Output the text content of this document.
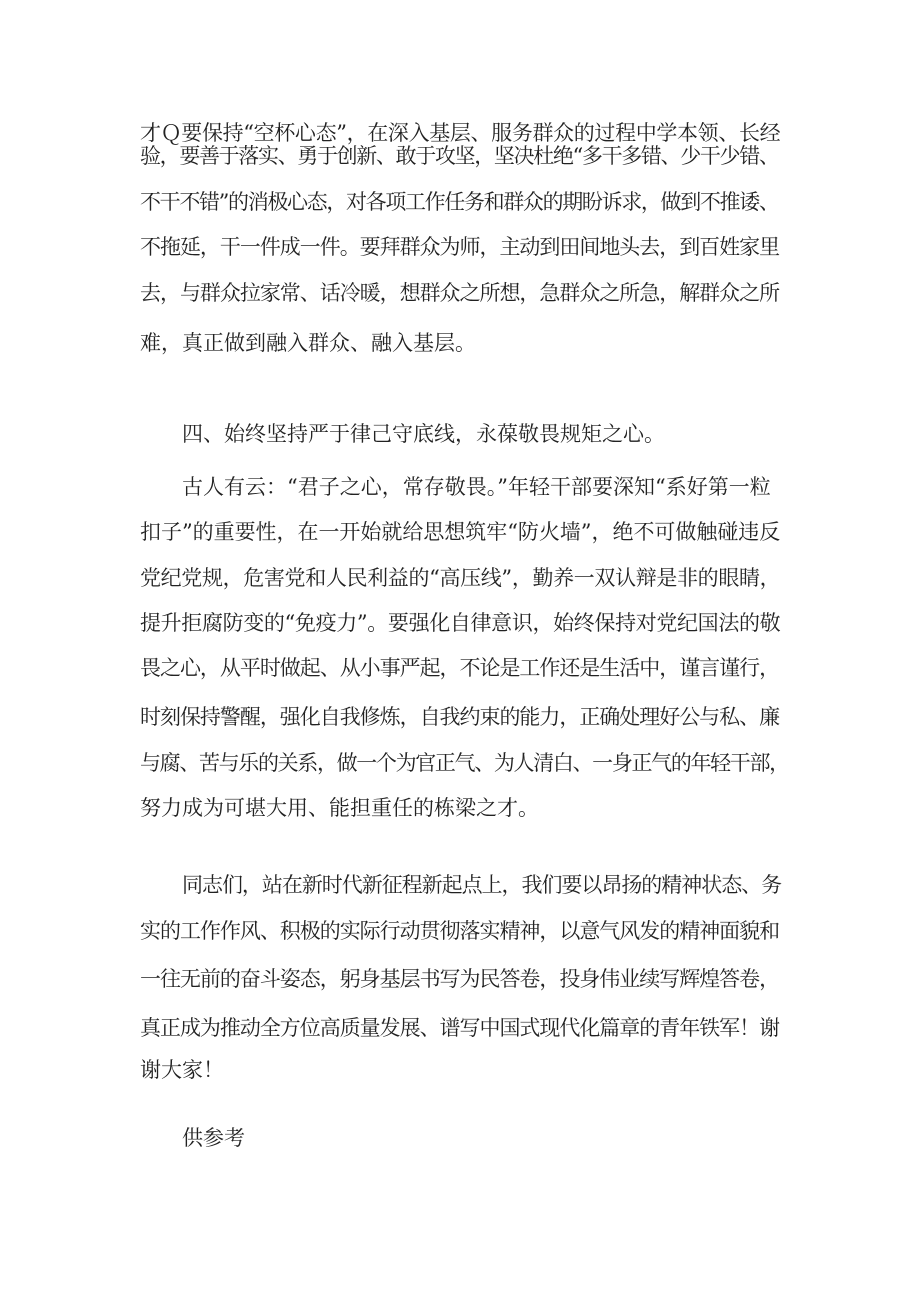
才Ｑ要保持“空杯心态”，在深入基层、服务群众的过程中学本领、长经

验，要善于落实、勇于创新、敢于攻坚，坚决杜绝“多干多错、少干少错、

不干不错”的消极心态，对各项工作任务和群众的期盼诉求，做到不推诿、

不拖延，干一件成一件。要拜群众为师，主动到田间地头去，到百姓家里

去，与群众拉家常、话冷暖，想群众之所想，急群众之所急，解群众之所

难，真正做到融入群众、融入基层。

四、始终坚持严于律己守底线，永葆敬畏规矩之心。

古人有云：“君子之心，常存敬畏。”年轻干部要深知“系好第一粒

扣子”的重要性，在一开始就给思想筑牢“防火墙”，绝不可做触碰违反

党纪党规，危害党和人民利益的“高压线”，勤养一双认辩是非的眼睛，

提升拒腐防变的“免疫力”。要强化自律意识，始终保持对党纪国法的敬

畏之心，从平时做起、从小事严起，不论是工作还是生活中，谨言谨行，

时刻保持警醒，强化自我修炼，自我约束的能力，正确处理好公与私、廉

与腐、苦与乐的关系，做一个为官正气、为人清白、一身正气的年轻干部，

努力成为可堪大用、能担重任的栋梁之才。

同志们，站在新时代新征程新起点上，我们要以昂扬的精神状态、务

实的工作作风、积极的实际行动贯彻落实精神，以意气风发的精神面貌和

一往无前的奋斗姿态，躬身基层书写为民答卷，投身伟业续写辉煌答卷，

真正成为推动全方位高质量发展、谱写中国式现代化篇章的青年铁军！谢

谢大家！

供参考
